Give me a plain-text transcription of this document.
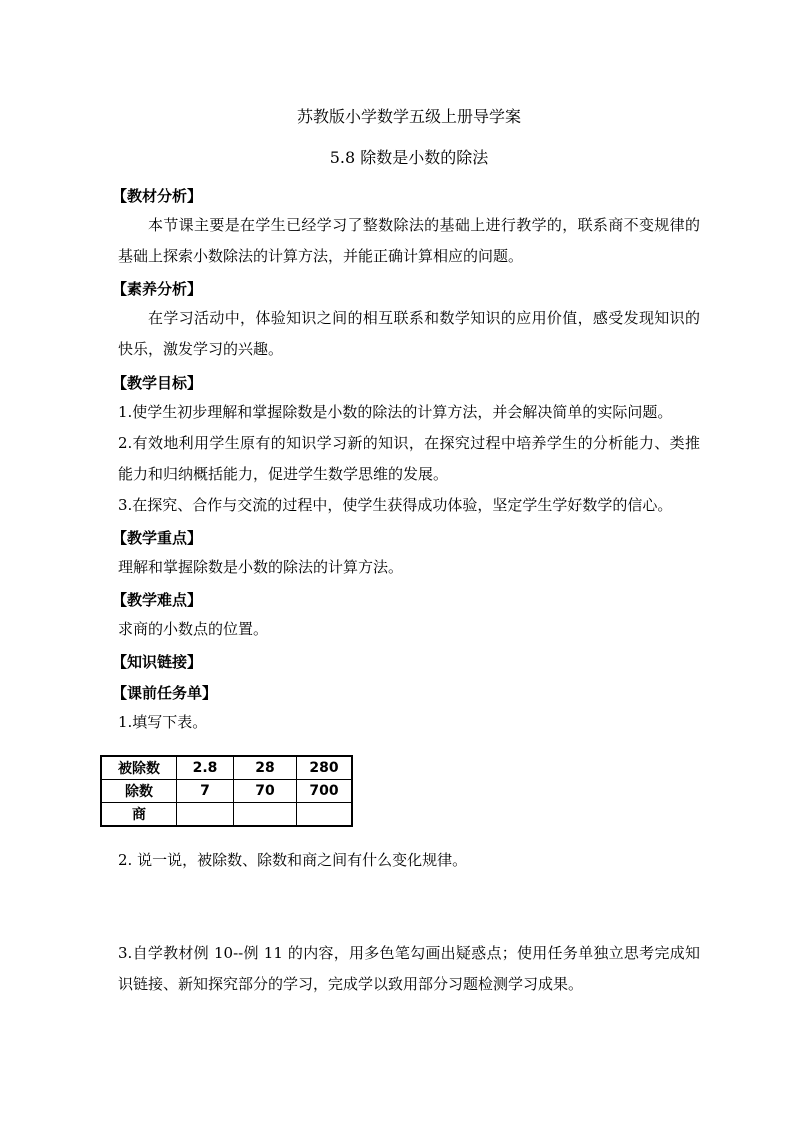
苏教版小学数学五级上册导学案
5.8 除数是小数的除法
【教材分析】
本节课主要是在学生已经学习了整数除法的基础上进行教学的，联系商不变规律的基础上探索小数除法的计算方法，并能正确计算相应的问题。
【素养分析】
在学习活动中，体验知识之间的相互联系和数学知识的应用价值，感受发现知识的快乐，激发学习的兴趣。
【教学目标】
1.使学生初步理解和掌握除数是小数的除法的计算方法，并会解决简单的实际问题。
2.有效地利用学生原有的知识学习新的知识，在探究过程中培养学生的分析能力、类推能力和归纳概括能力，促进学生数学思维的发展。
3.在探究、合作与交流的过程中，使学生获得成功体验，坚定学生学好数学的信心。
【教学重点】
理解和掌握除数是小数的除法的计算方法。
【教学难点】
求商的小数点的位置。
【知识链接】
【课前任务单】
1.填写下表。
被除数	2.8	28	280
除数	7	70	700
商			
2. 说一说，被除数、除数和商之间有什么变化规律。
3.自学教材例 10--例 11 的内容，用多色笔勾画出疑惑点；使用任务单独立思考完成知识链接、新知探究部分的学习，完成学以致用部分习题检测学习成果。
